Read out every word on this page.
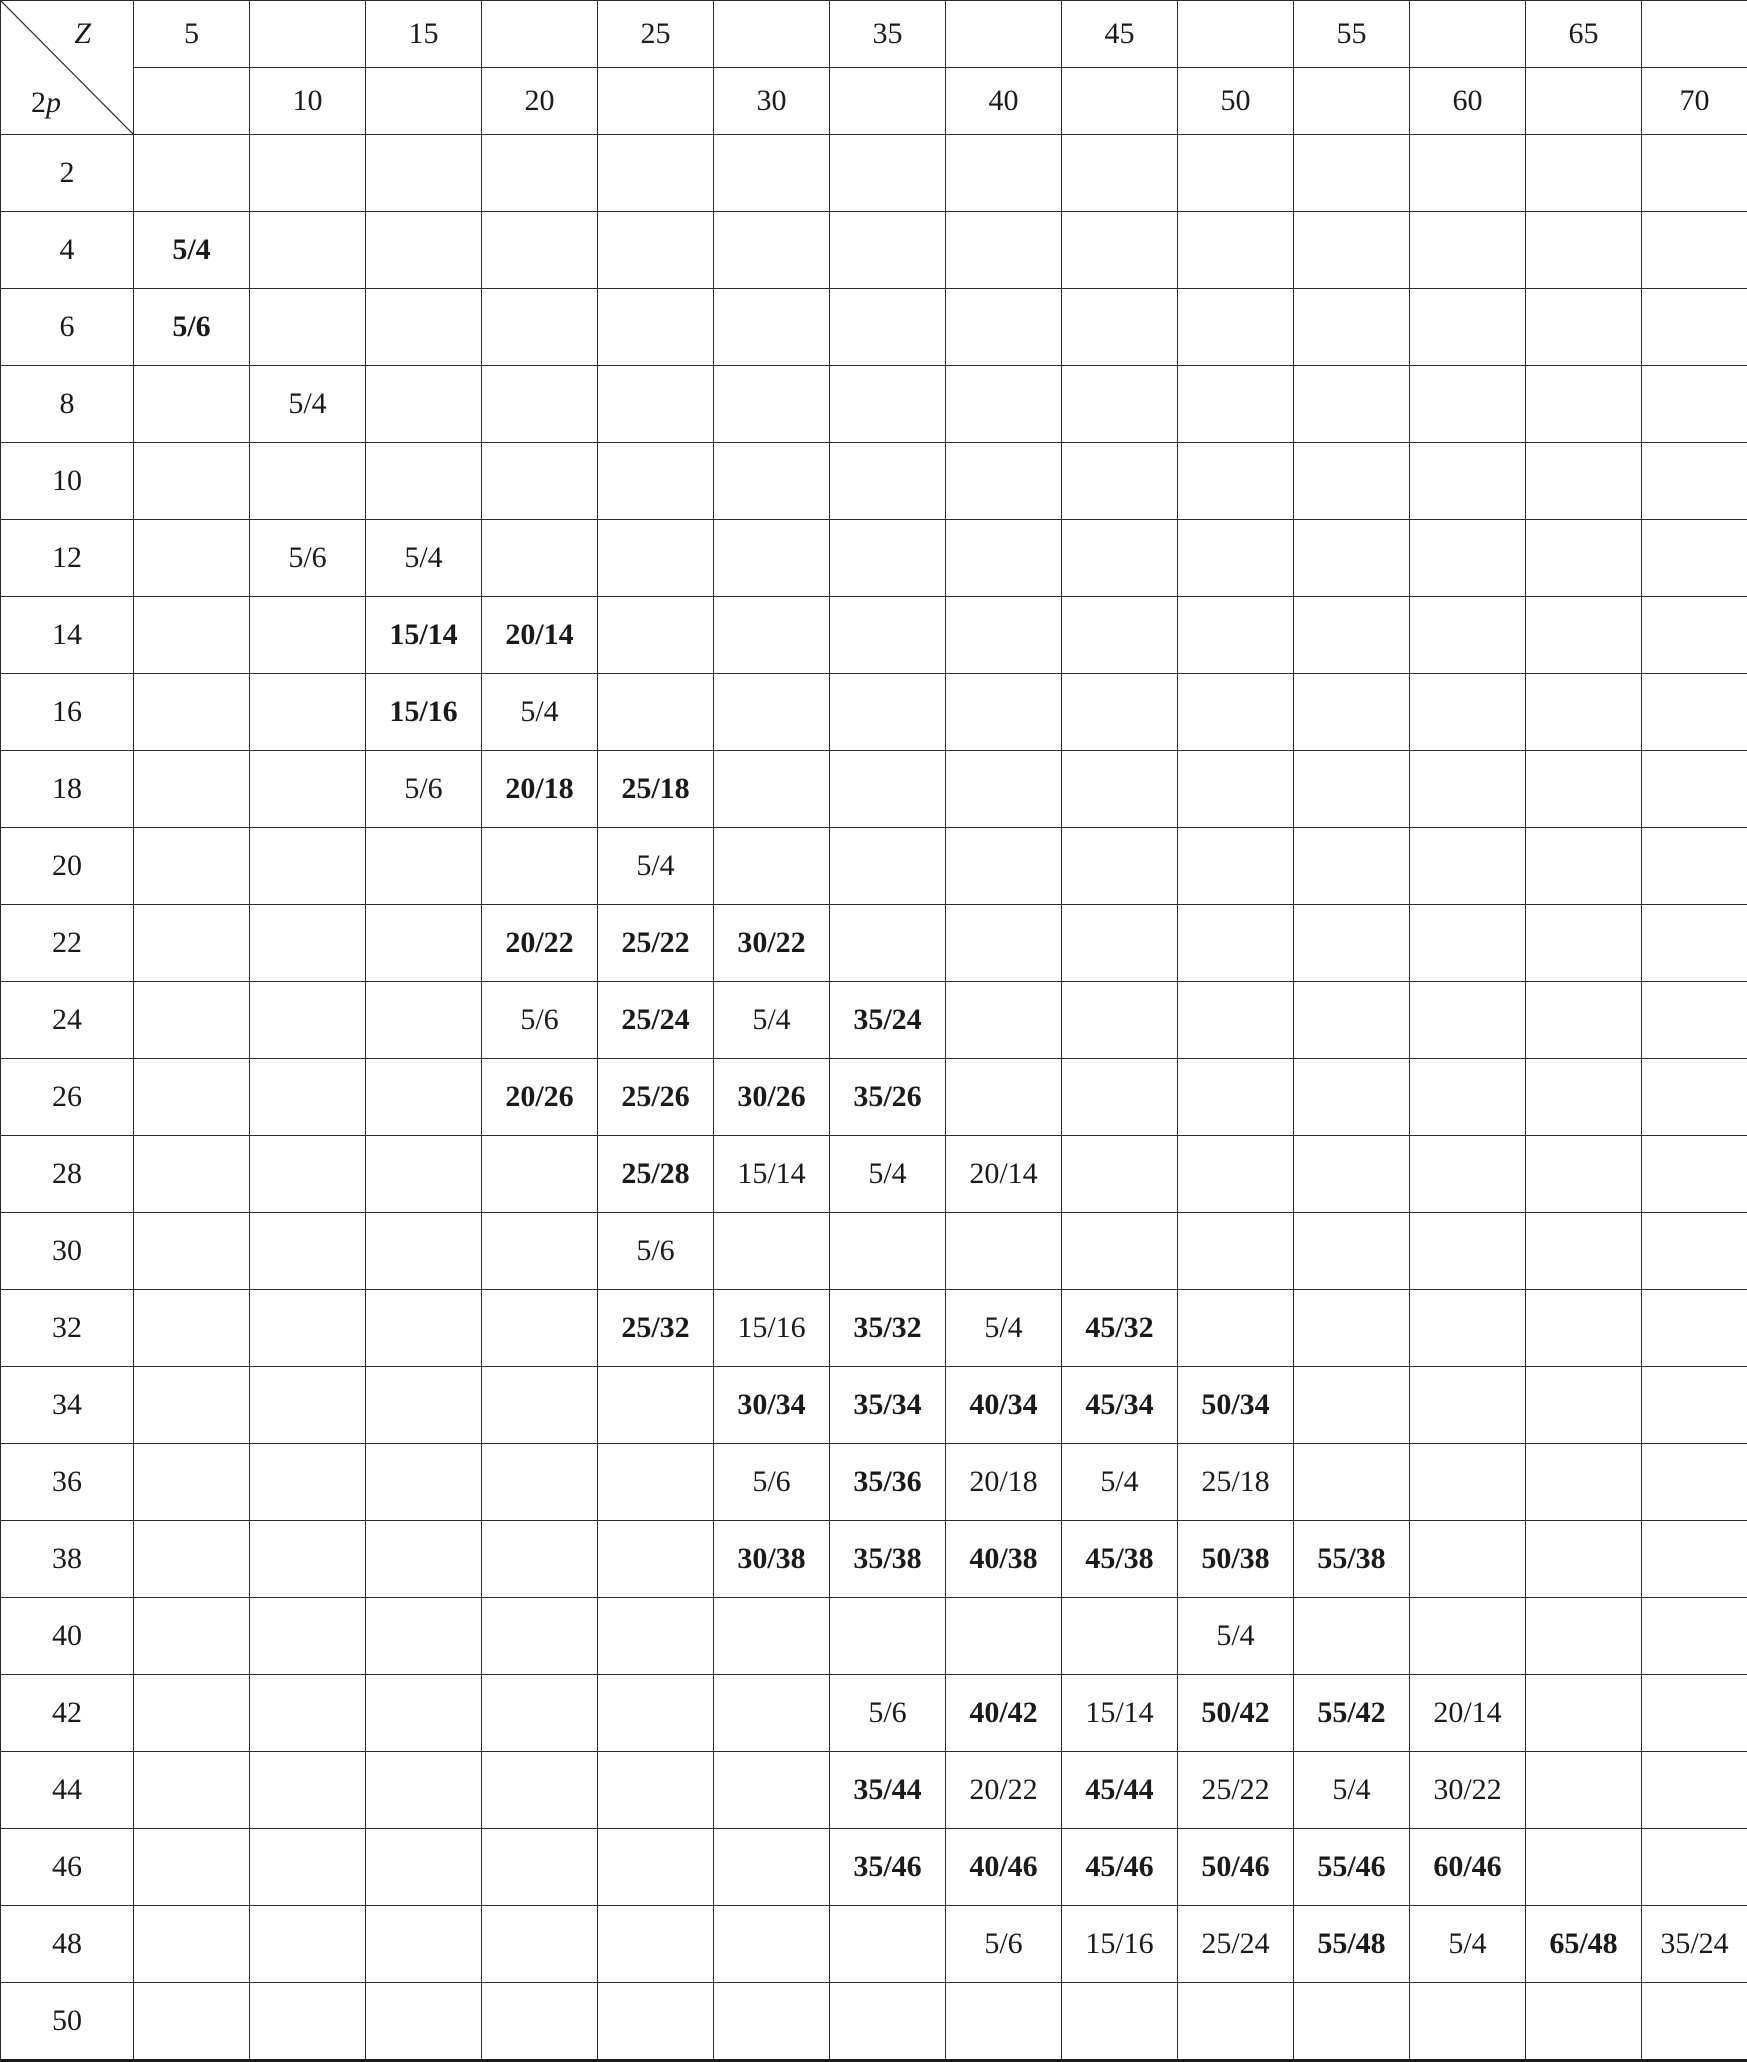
Z
2p	5		15		25		35		45		55		65	
		10		20		30		40		50		60		70
2														
4	5/4													
6	5/6													
8		5/4												
10														
12		5/6	5/4											
14			15/14	20/14										
16			15/16	5/4										
18			5/6	20/18	25/18									
20					5/4									
22				20/22	25/22	30/22								
24				5/6	25/24	5/4	35/24							
26				20/26	25/26	30/26	35/26							
28					25/28	15/14	5/4	20/14						
30					5/6									
32					25/32	15/16	35/32	5/4	45/32					
34						30/34	35/34	40/34	45/34	50/34				
36						5/6	35/36	20/18	5/4	25/18				
38						30/38	35/38	40/38	45/38	50/38	55/38			
40										5/4				
42							5/6	40/42	15/14	50/42	55/42	20/14		
44							35/44	20/22	45/44	25/22	5/4	30/22		
46							35/46	40/46	45/46	50/46	55/46	60/46		
48								5/6	15/16	25/24	55/48	5/4	65/48	35/24
50														
